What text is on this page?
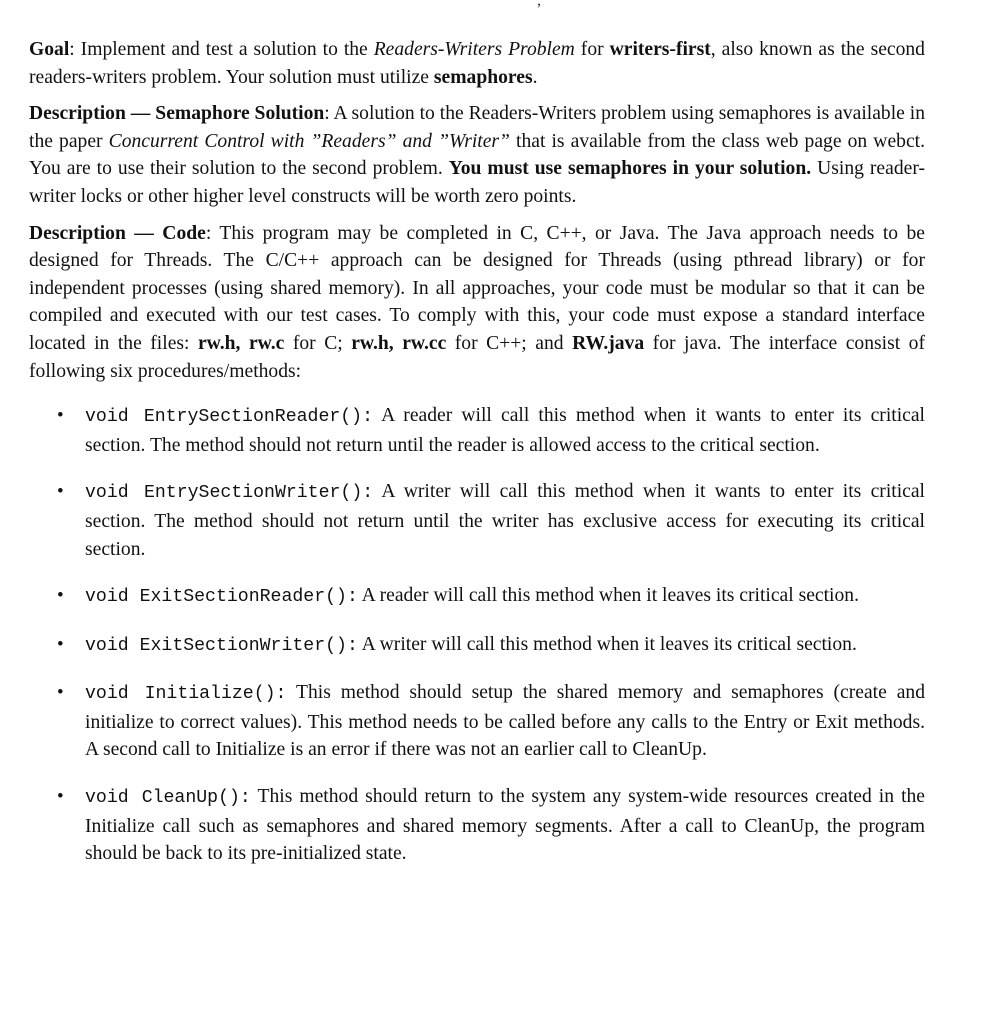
,

Goal: Implement and test a solution to the Readers-Writers Problem for writers-first, also known as the second readers-writers problem. Your solution must utilize semaphores.

Description — Semaphore Solution: A solution to the Readers-Writers problem using semaphores is available in the paper Concurrent Control with ”Readers” and ”Writer” that is available from the class web page on webct. You are to use their solution to the second problem. You must use semaphores in your solution. Using reader-writer locks or other higher level constructs will be worth zero points.

Description — Code: This program may be completed in C, C++, or Java. The Java approach needs to be designed for Threads. The C/C++ approach can be designed for Threads (using pthread library) or for independent processes (using shared memory). In all approaches, your code must be modular so that it can be compiled and executed with our test cases. To comply with this, your code must expose a standard interface located in the files: rw.h, rw.c for C; rw.h, rw.cc for C++; and RW.java for java. The interface consist of following six procedures/methods:

• void EntrySectionReader(): A reader will call this method when it wants to enter its critical section. The method should not return until the reader is allowed access to the critical section.
• void EntrySectionWriter(): A writer will call this method when it wants to enter its critical section. The method should not return until the writer has exclusive access for executing its critical section.
• void ExitSectionReader(): A reader will call this method when it leaves its critical section.
• void ExitSectionWriter(): A writer will call this method when it leaves its critical section.
• void Initialize(): This method should setup the shared memory and semaphores (create and initialize to correct values). This method needs to be called before any calls to the Entry or Exit methods. A second call to Initialize is an error if there was not an earlier call to CleanUp.
• void CleanUp(): This method should return to the system any system-wide resources created in the Initialize call such as semaphores and shared memory segments. After a call to CleanUp, the program should be back to its pre-initialized state.
